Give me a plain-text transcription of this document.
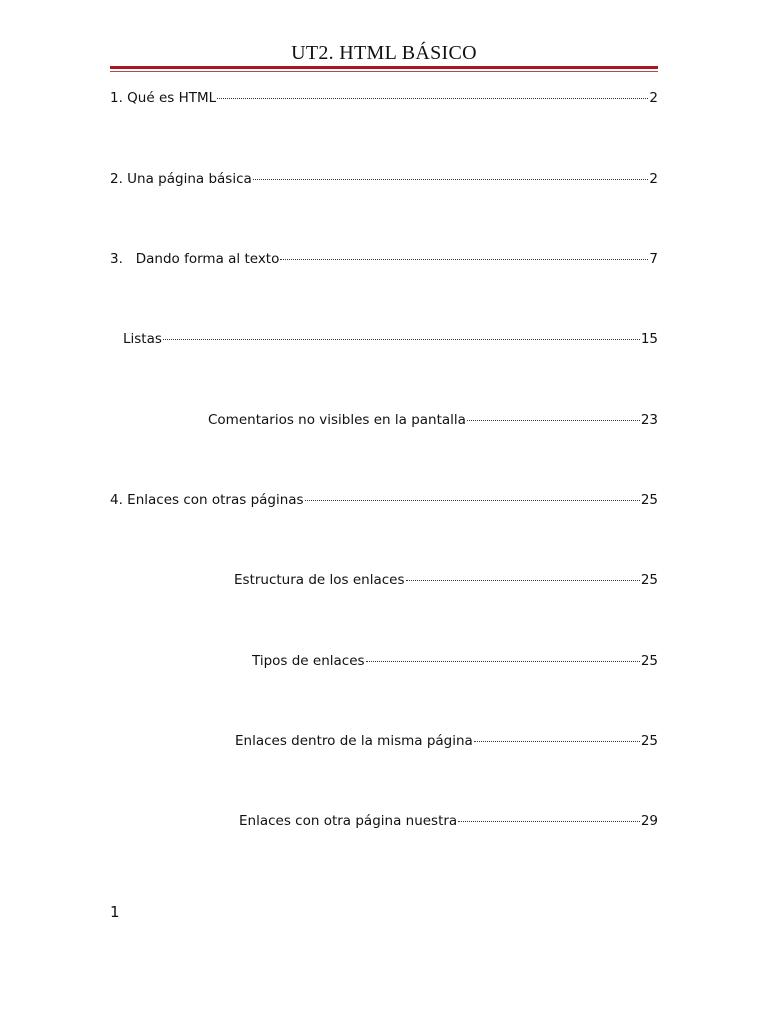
UT2. HTML BÁSICO
1. Qué es HTML	2
2. Una página básica	2
3.   Dando forma al texto	7
Listas	15
Comentarios no visibles en la pantalla	23
4. Enlaces con otras páginas	25
Estructura de los enlaces	25
Tipos de enlaces	25
Enlaces dentro de la misma página	25
Enlaces con otra página nuestra	29
1
